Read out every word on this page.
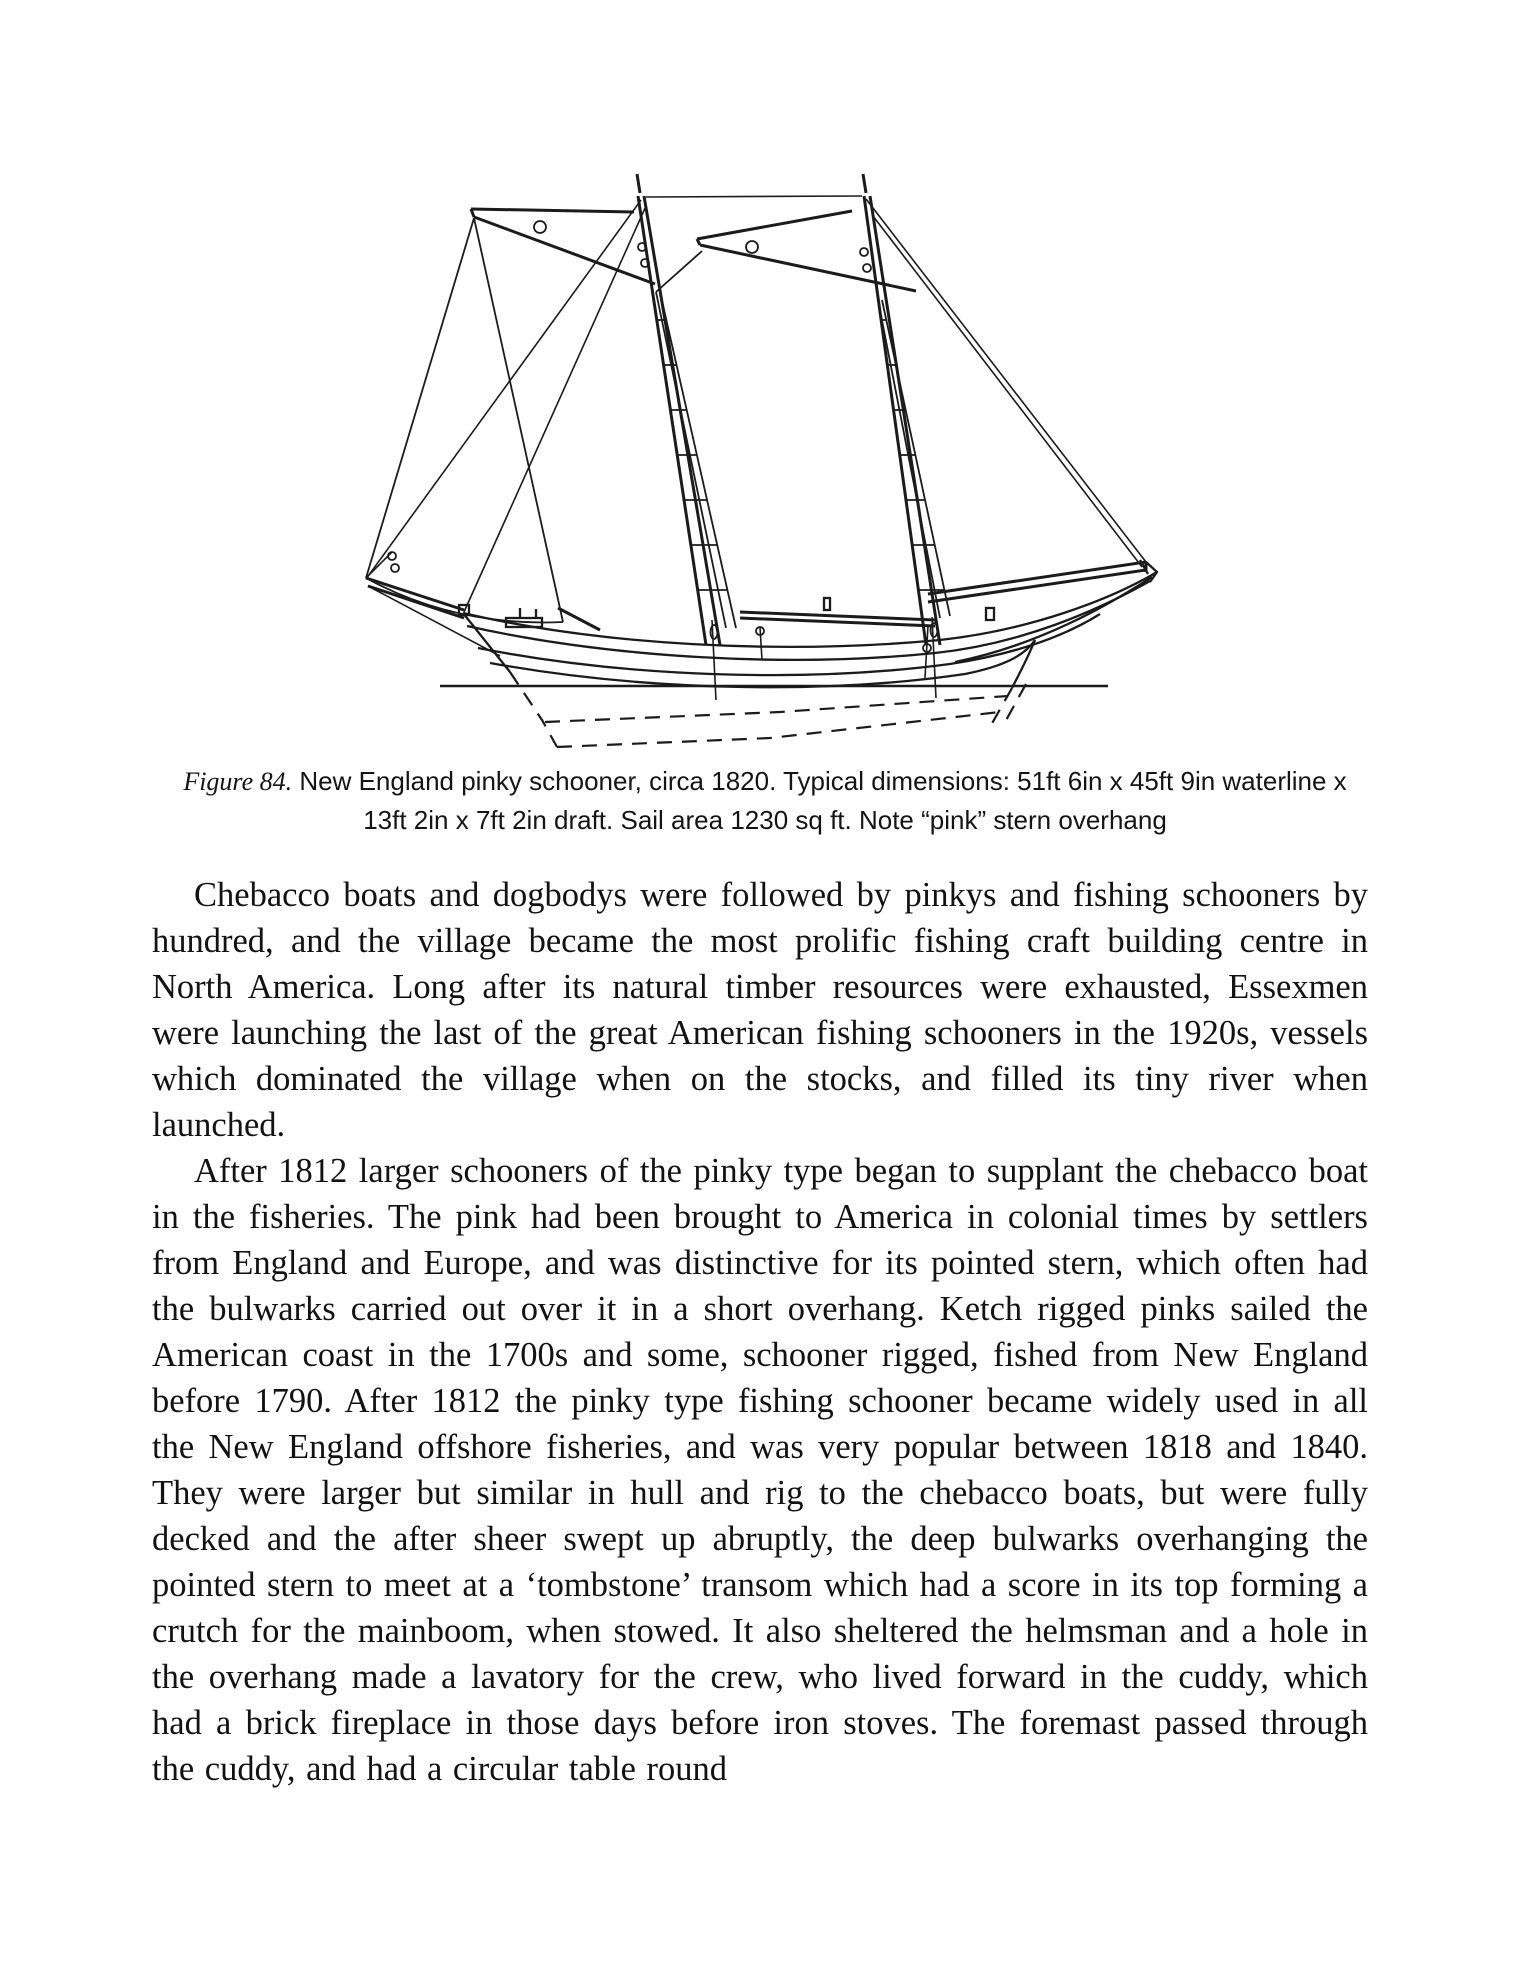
Figure 84. New England pinky schooner, circa 1820. Typical dimensions: 51ft 6in x 45ft 9in waterline x 13ft 2in x 7ft 2in draft. Sail area 1230 sq ft. Note “pink” stern overhang

Chebacco boats and dogbodys were followed by pinkys and fishing schooners by hundred, and the village became the most prolific fishing craft building centre in North America. Long after its natural timber resources were exhausted, Essexmen were launching the last of the great American fishing schooners in the 1920s, vessels which dominated the village when on the stocks, and filled its tiny river when launched.

After 1812 larger schooners of the pinky type began to supplant the chebacco boat in the fisheries. The pink had been brought to America in colonial times by settlers from England and Europe, and was distinctive for its pointed stern, which often had the bulwarks carried out over it in a short overhang. Ketch rigged pinks sailed the American coast in the 1700s and some, schooner rigged, fished from New England before 1790. After 1812 the pinky type fishing schooner became widely used in all the New England offshore fisheries, and was very popular between 1818 and 1840. They were larger but similar in hull and rig to the chebacco boats, but were fully decked and the after sheer swept up abruptly, the deep bulwarks overhanging the pointed stern to meet at a ‘tombstone’ transom which had a score in its top forming a crutch for the mainboom, when stowed. It also sheltered the helmsman and a hole in the overhang made a lavatory for the crew, who lived forward in the cuddy, which had a brick fireplace in those days before iron stoves. The foremast passed through the cuddy, and had a circular table round
